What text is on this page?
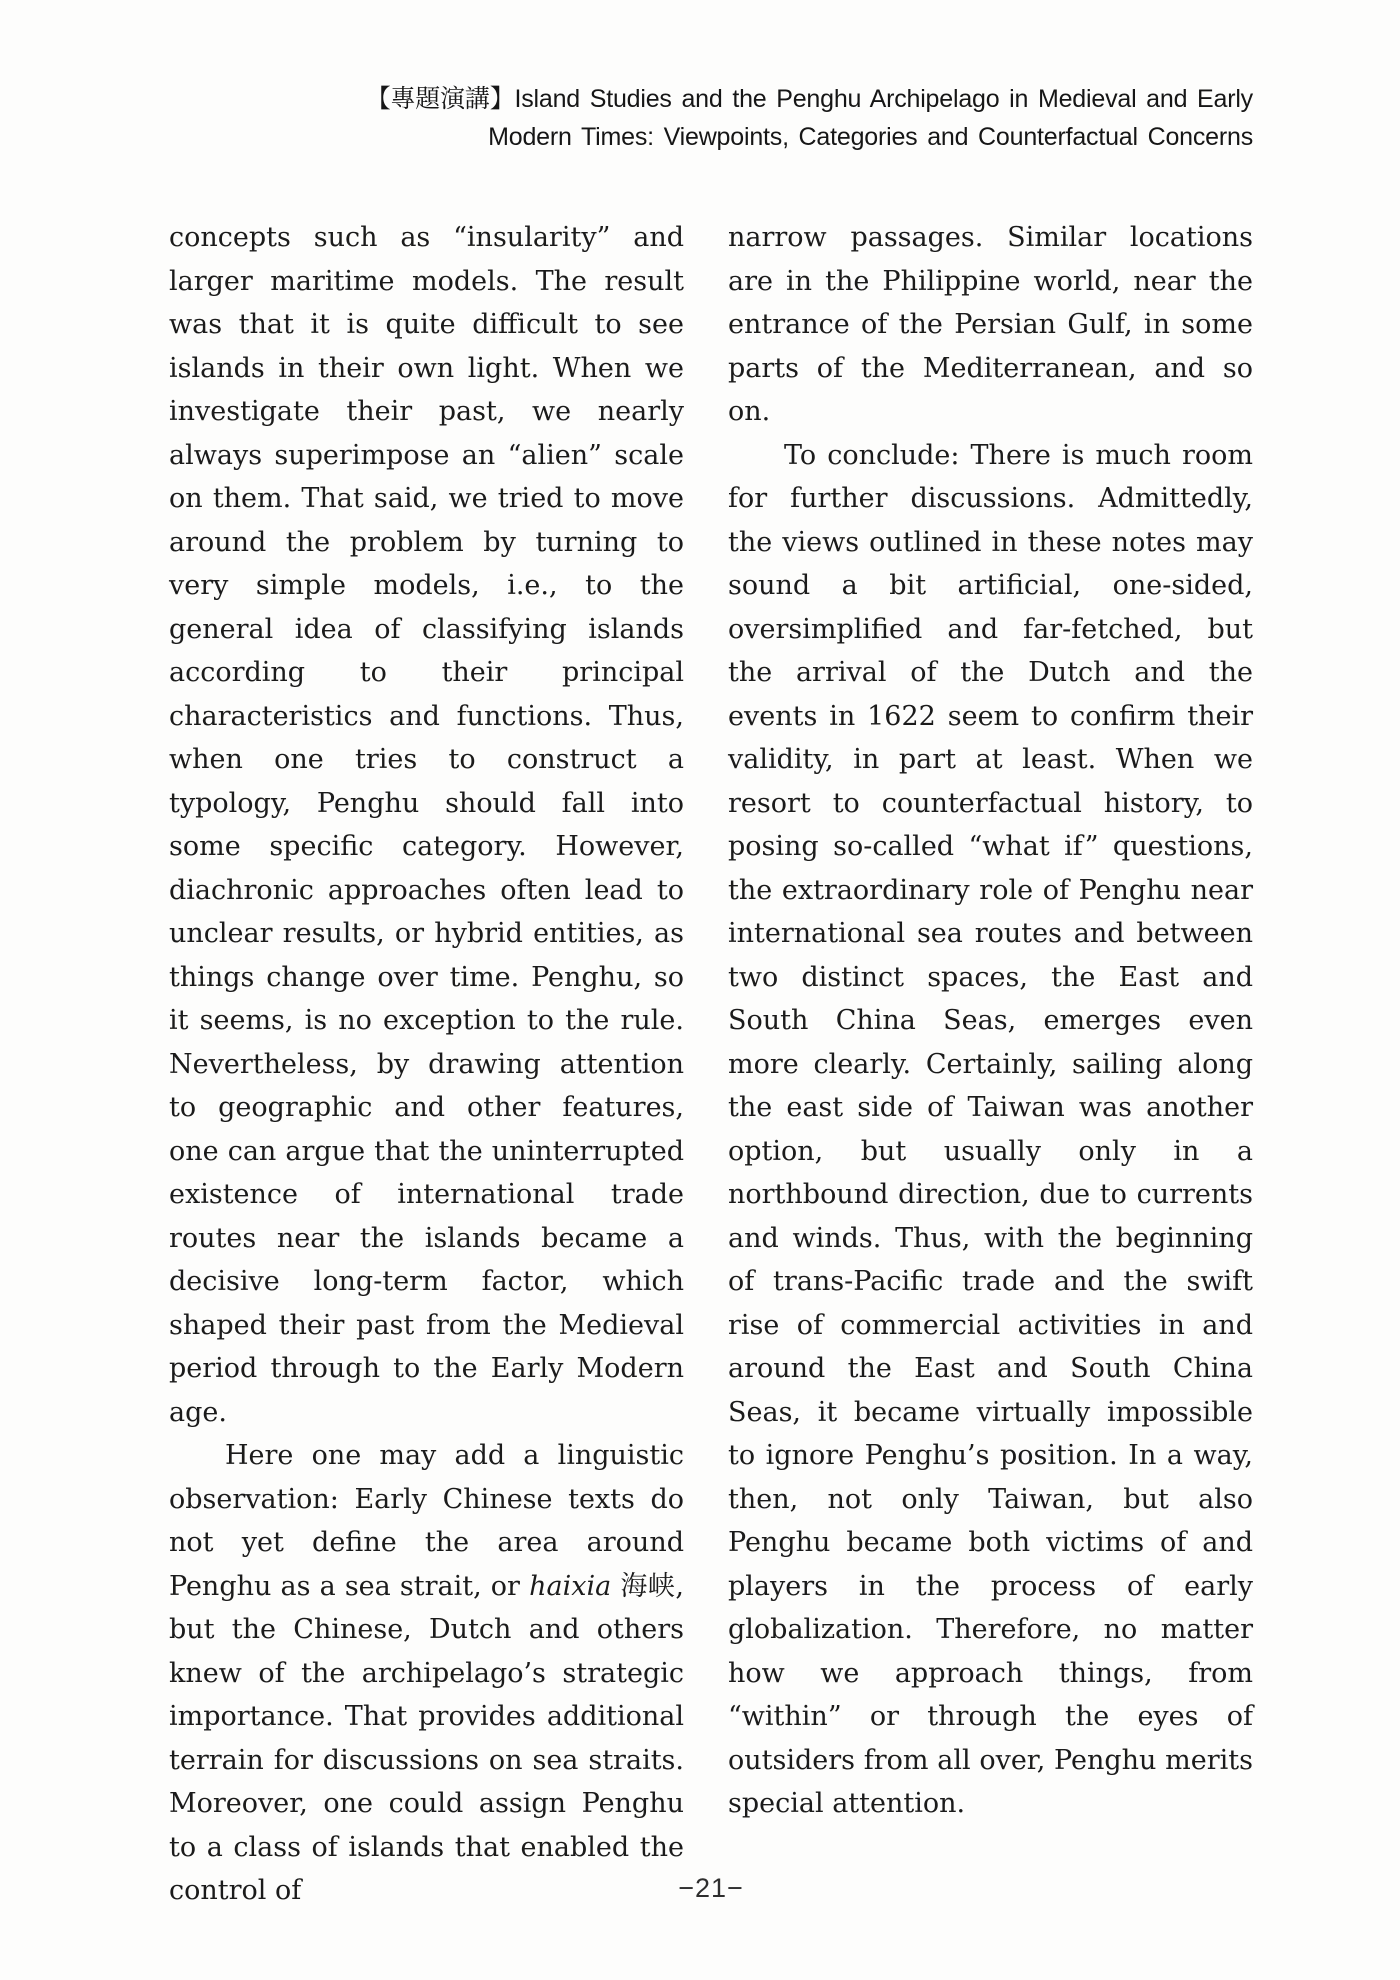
【專題演講】Island Studies and the Penghu Archipelago in Medieval and Early
Modern Times: Viewpoints, Categories and Counterfactual Concerns

concepts such as “insularity” and larger maritime models. The result was that it is quite difficult to see islands in their own light. When we investigate their past, we nearly always superimpose an “alien” scale on them. That said, we tried to move around the problem by turning to very simple models, i.e., to the general idea of classifying islands according to their principal characteristics and functions. Thus, when one tries to construct a typology, Penghu should fall into some specific category. However, diachronic approaches often lead to unclear results, or hybrid entities, as things change over time. Penghu, so it seems, is no exception to the rule. Nevertheless, by drawing attention to geographic and other features, one can argue that the uninterrupted existence of international trade routes near the islands became a decisive long-term factor, which shaped their past from the Medieval period through to the Early Modern age.

Here one may add a linguistic observation: Early Chinese texts do not yet define the area around Penghu as a sea strait, or haixia 海峡, but the Chinese, Dutch and others knew of the archipelago’s strategic importance. That provides additional terrain for discussions on sea straits. Moreover, one could assign Penghu to a class of islands that enabled the control of

narrow passages. Similar locations are in the Philippine world, near the entrance of the Persian Gulf, in some parts of the Mediterranean, and so on.

To conclude: There is much room for further discussions. Admittedly, the views outlined in these notes may sound a bit artificial, one-sided, oversimplified and far-fetched, but the arrival of the Dutch and the events in 1622 seem to confirm their validity, in part at least. When we resort to counterfactual history, to posing so-called “what if” questions, the extraordinary role of Penghu near international sea routes and between two distinct spaces, the East and South China Seas, emerges even more clearly. Certainly, sailing along the east side of Taiwan was another option, but usually only in a northbound direction, due to currents and winds. Thus, with the beginning of trans-Pacific trade and the swift rise of commercial activities in and around the East and South China Seas, it became virtually impossible to ignore Penghu’s position. In a way, then, not only Taiwan, but also Penghu became both victims of and players in the process of early globalization. Therefore, no matter how we approach things, from “within” or through the eyes of outsiders from all over, Penghu merits special attention.

−21−
